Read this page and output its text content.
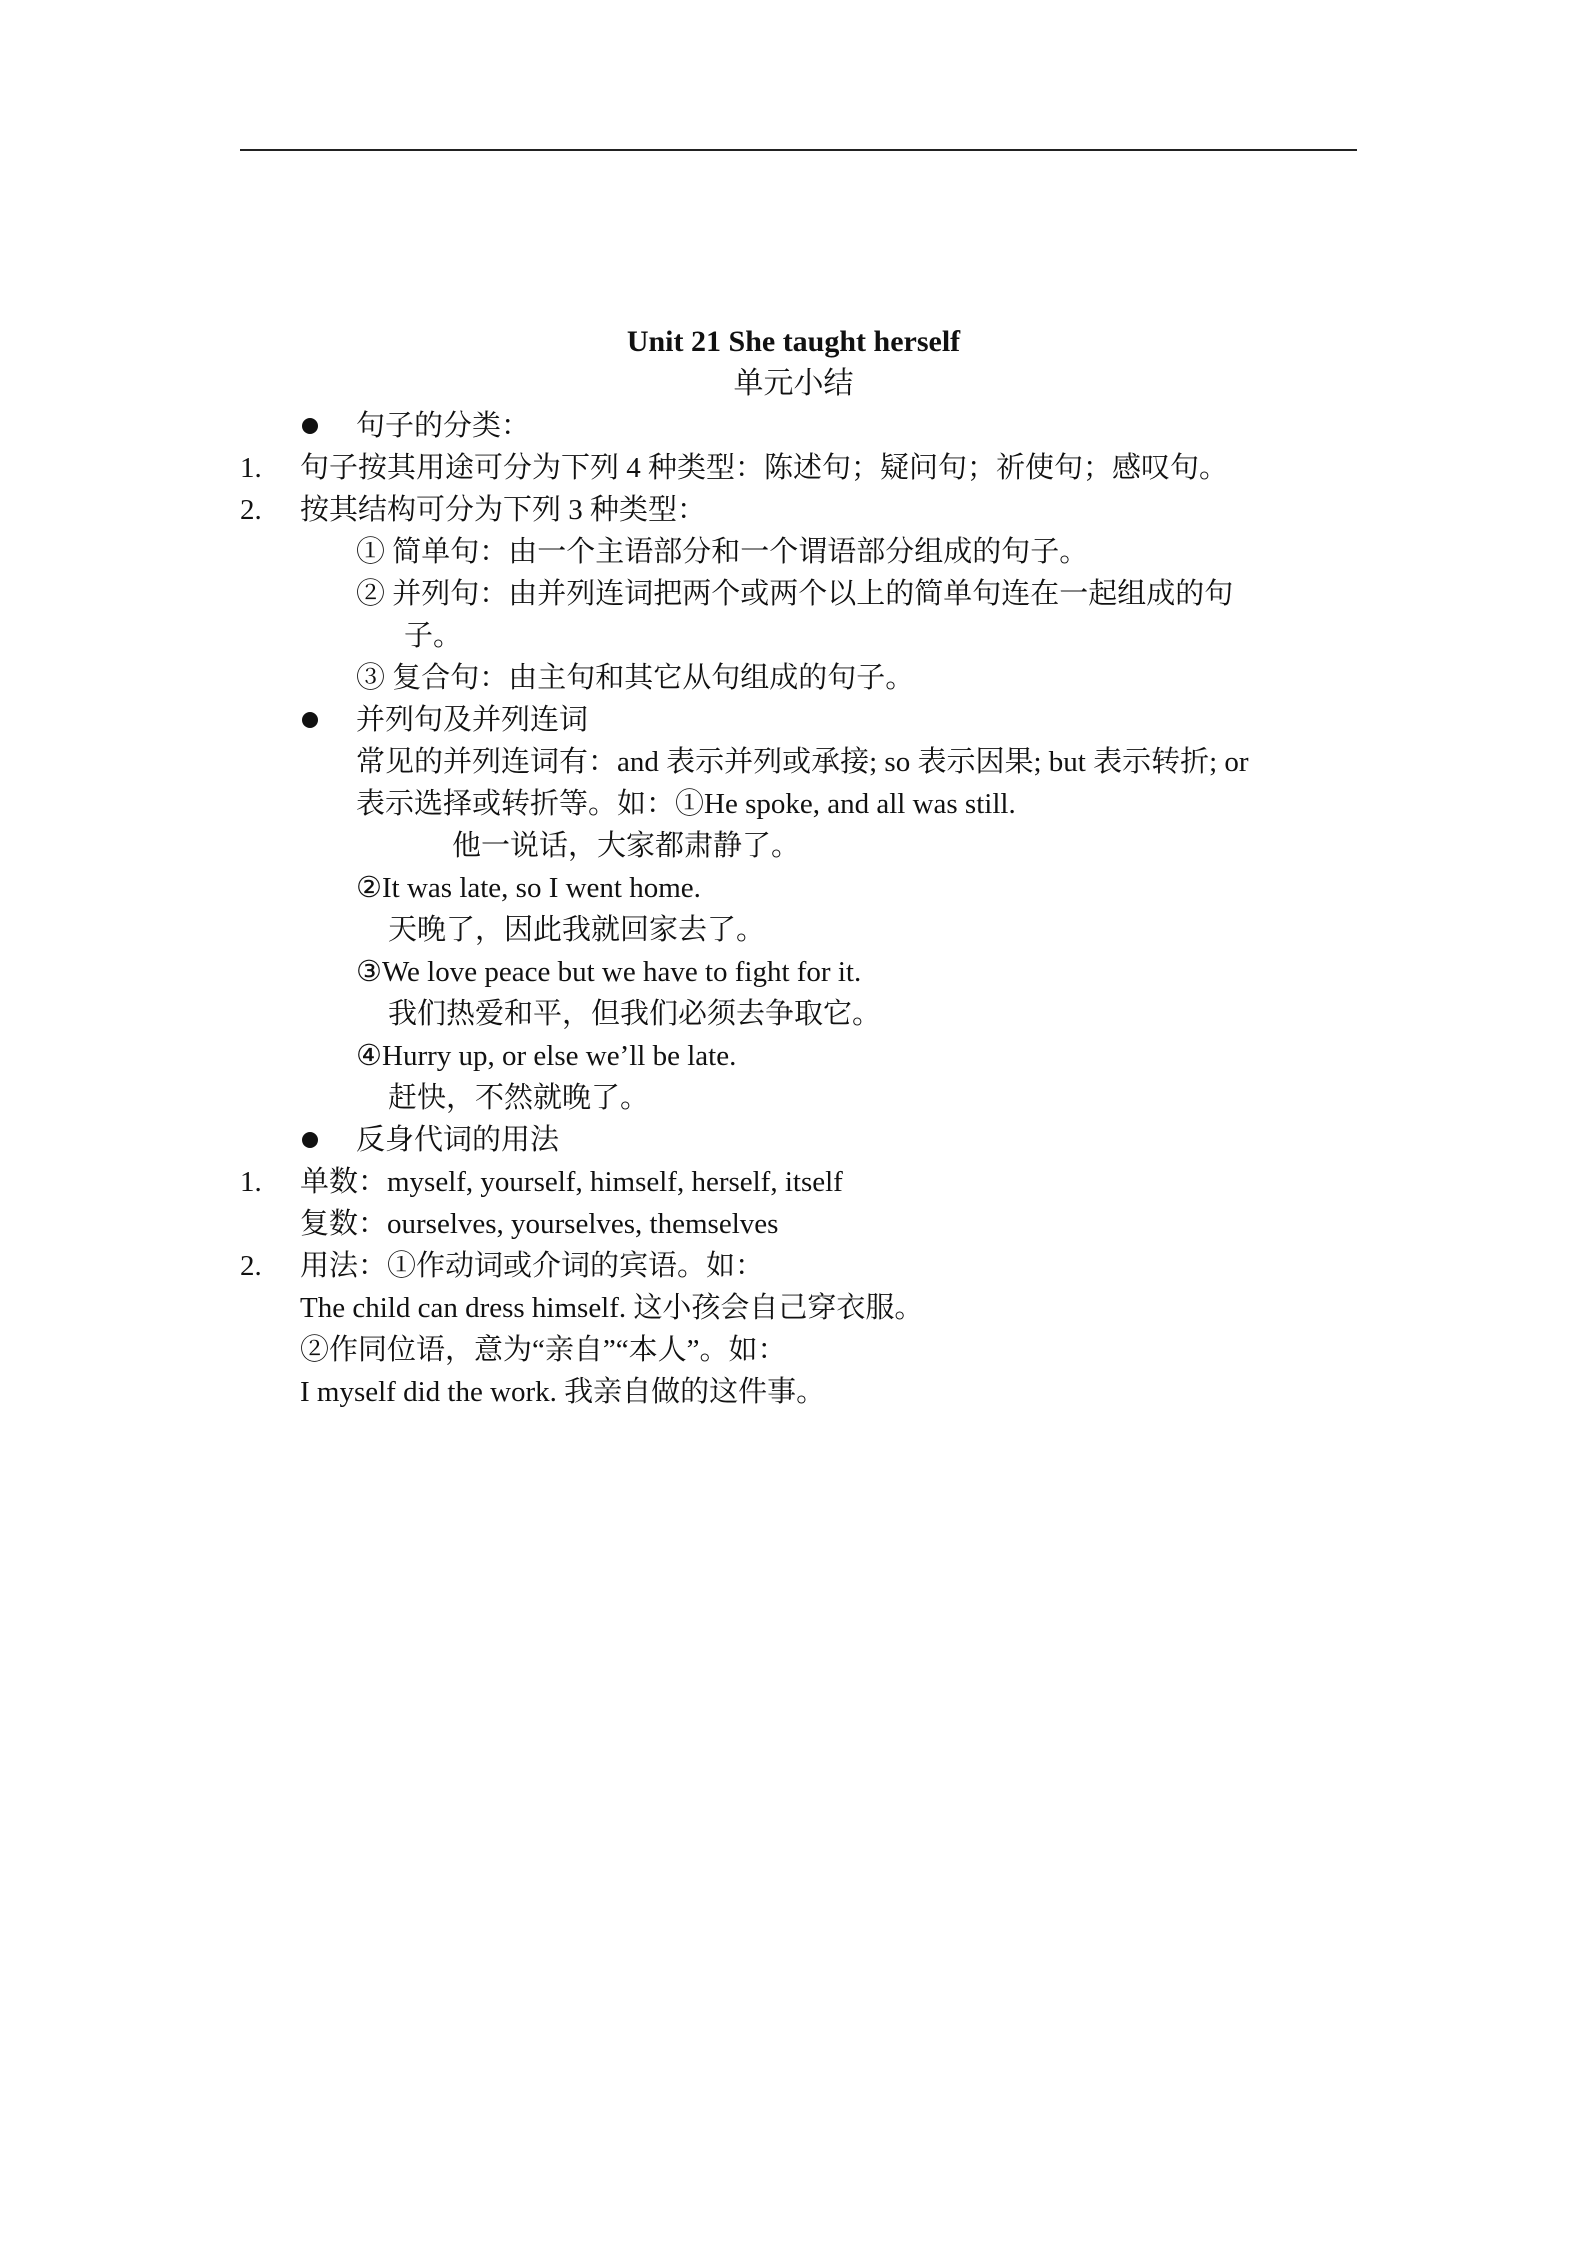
Unit 21 She taught herself
单元小结
句子的分类：
1. 句子按其用途可分为下列 4 种类型：陈述句；疑问句；祈使句；感叹句。
2. 按其结构可分为下列 3 种类型：
① 简单句：由一个主语部分和一个谓语部分组成的句子。
② 并列句：由并列连词把两个或两个以上的简单句连在一起组成的句
子。
③ 复合句：由主句和其它从句组成的句子。
并列句及并列连词
常见的并列连词有：and 表示并列或承接; so 表示因果; but 表示转折; or
表示选择或转折等。如：①He spoke, and all was still.
他一说话，大家都肃静了。
②It was late, so I went home.
天晚了，因此我就回家去了。
③We love peace but we have to fight for it.
我们热爱和平，但我们必须去争取它。
④Hurry up, or else we’ll be late.
赶快，不然就晚了。
反身代词的用法
1. 单数：myself, yourself, himself, herself, itself
复数：ourselves, yourselves, themselves
2. 用法：①作动词或介词的宾语。如：
The child can dress himself. 这小孩会自己穿衣服。
②作同位语，意为“亲自”“本人”。如：
I myself did the work. 我亲自做的这件事。
